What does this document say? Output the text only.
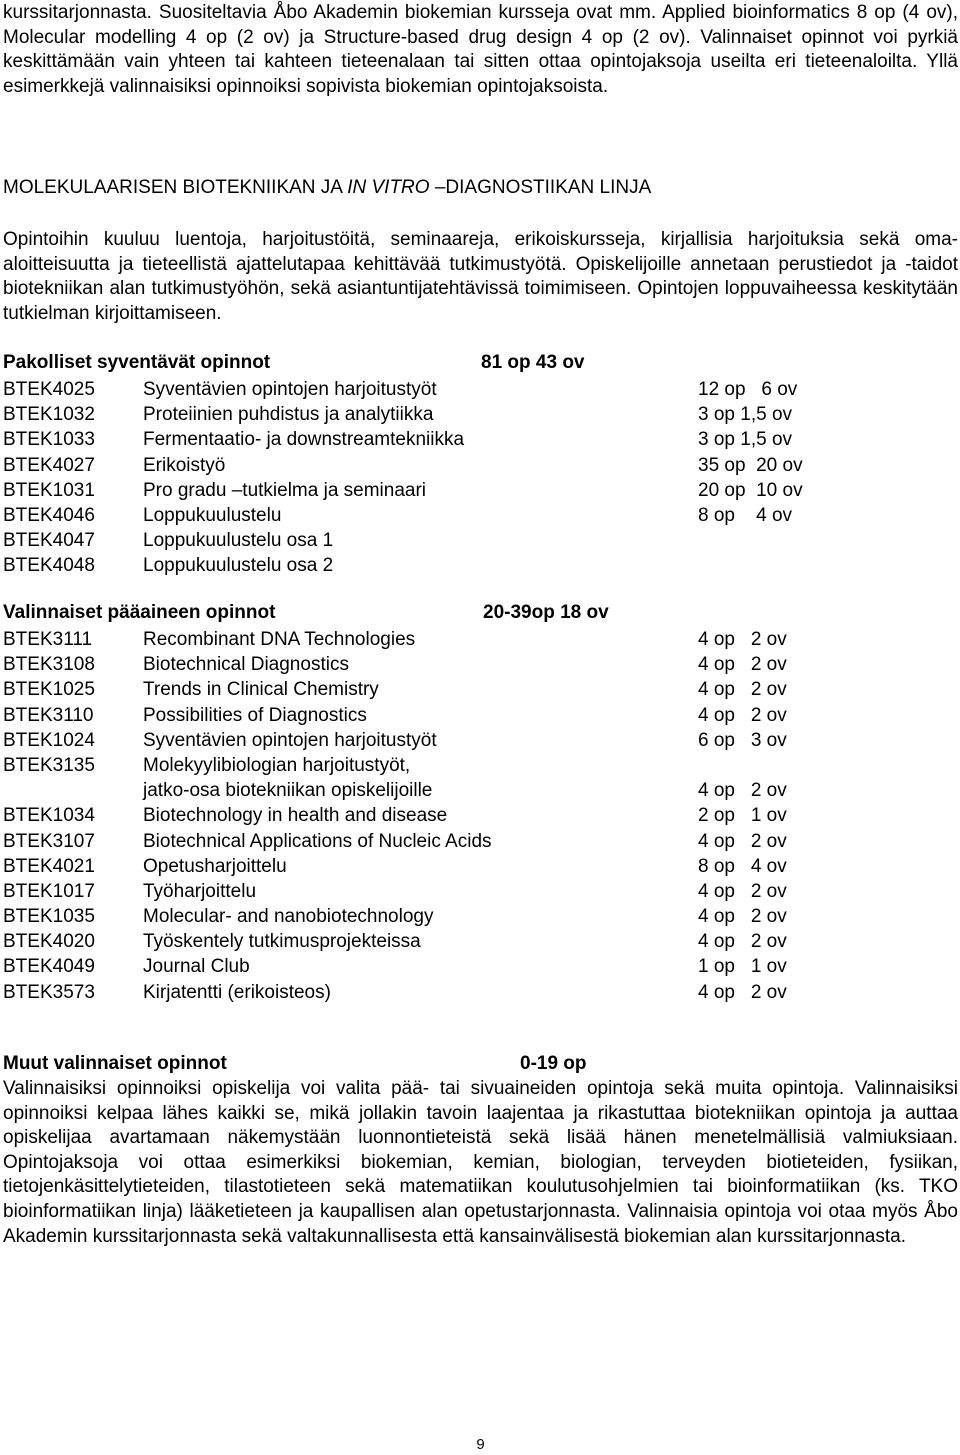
kurssitarjonnasta. Suositeltavia Åbo Akademin biokemian kursseja ovat mm. Applied bioinformatics 8 op (4 ov), Molecular modelling 4 op (2 ov) ja Structure-based drug design 4 op (2 ov). Valinnaiset opinnot voi pyrkiä keskittämään vain yhteen tai kahteen tieteenalaan tai sitten ottaa opintojaksoja useilta eri tieteenaloilta. Yllä esimerkkejä valinnaisiksi opinnoiksi sopivista biokemian opintojaksoista.

MOLEKULAARISEN BIOTEKNIIKAN JA IN VITRO –DIAGNOSTIIKAN LINJA

Opintoihin kuuluu luentoja, harjoitustöitä, seminaareja, erikoiskursseja, kirjallisia harjoituksia sekä oma-aloitteisuutta ja tieteellistä ajattelutapaa kehittävää tutkimustyötä. Opiskelijoille annetaan perustiedot ja -taidot biotekniikan alan tutkimustyöhön, sekä asiantuntijatehtävissä toimimiseen. Opintojen loppuvaiheessa keskitytään tutkielman kirjoittamiseen.

Pakolliset syventävät opinnot	81 op 43 ov
BTEK4025	Syventävien opintojen harjoitustyöt	12 op   6 ov
BTEK1032	Proteiinien puhdistus ja analytiikka	3 op 1,5 ov
BTEK1033	Fermentaatio- ja downstreamtekniikka	3 op 1,5 ov
BTEK4027	Erikoistyö	35 op  20 ov
BTEK1031	Pro gradu –tutkielma ja seminaari	20 op  10 ov
BTEK4046	Loppukuulustelu	8 op    4 ov
BTEK4047	Loppukuulustelu osa 1
BTEK4048	Loppukuulustelu osa 2
Valinnaiset pääaineen opinnot	20-39op 18 ov
BTEK3111	Recombinant DNA Technologies	4 op   2 ov
BTEK3108	Biotechnical Diagnostics	4 op   2 ov
BTEK1025	Trends in Clinical Chemistry	4 op   2 ov
BTEK3110	Possibilities of Diagnostics	4 op   2 ov
BTEK1024	Syventävien opintojen harjoitustyöt	6 op   3 ov
BTEK3135	Molekyylibiologian harjoitustyöt,

jatko-osa biotekniikan opiskelijoille	4 op   2 ov
BTEK1034	Biotechnology in health and disease	2 op   1 ov
BTEK3107	Biotechnical Applications of Nucleic Acids	4 op   2 ov
BTEK4021	Opetusharjoittelu	8 op   4 ov
BTEK1017	Työharjoittelu	4 op   2 ov
BTEK1035	Molecular- and nanobiotechnology	4 op   2 ov
BTEK4020	Työskentely tutkimusprojekteissa	4 op   2 ov
BTEK4049	Journal Club	1 op   1 ov
BTEK3573	Kirjatentti (erikoisteos)	4 op   2 ov
Muut valinnaiset opinnot	0-19 op

Valinnaisiksi opinnoiksi opiskelija voi valita pää- tai sivuaineiden opintoja sekä muita opintoja. Valinnaisiksi opinnoiksi kelpaa lähes kaikki se, mikä jollakin tavoin laajentaa ja rikastuttaa biotekniikan opintoja ja auttaa opiskelijaa avartamaan näkemystään luonnontieteistä sekä lisää hänen menetelmällisiä valmiuksiaan. Opintojaksoja voi ottaa esimerkiksi biokemian, kemian, biologian, terveyden biotieteiden, fysiikan, tietojenkäsittelytieteiden, tilastotieteen sekä matematiikan koulutusohjelmien tai bioinformatiikan (ks. TKO bioinformatiikan linja) lääketieteen ja kaupallisen alan opetustarjonnasta. Valinnaisia opintoja voi otaa myös Åbo Akademin kurssitarjonnasta sekä valtakunnallisesta että kansainvälisestä biokemian alan kurssitarjonnasta.

9
